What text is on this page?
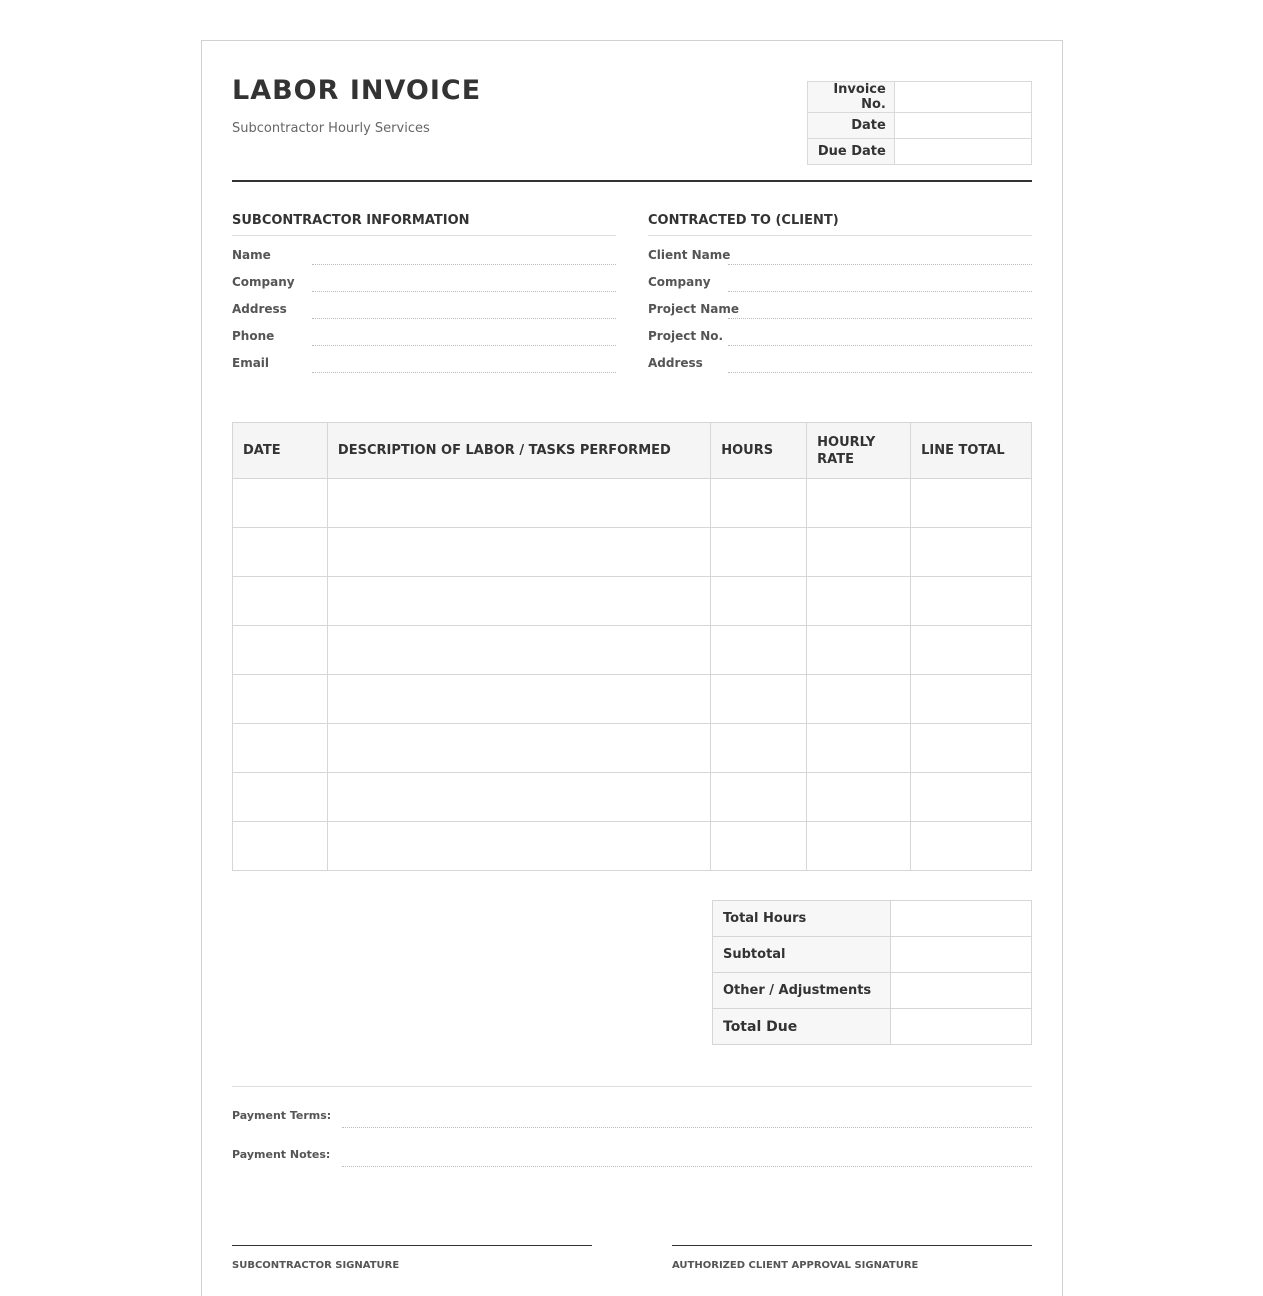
LABOR INVOICE
Subcontractor Hourly Services
Invoice No.	
Date	
Due Date	
SUBCONTRACTOR INFORMATION
Name
Company
Address
Phone
Email
CONTRACTED TO (CLIENT)
Client Name
Company
Project Name
Project No.
Address
DATE	DESCRIPTION OF LABOR / TASKS PERFORMED	HOURS	HOURLY RATE	LINE TOTAL

Total Hours	
Subtotal	
Other / Adjustments	
Total Due	
Payment Terms:
Payment Notes:
SUBCONTRACTOR SIGNATURE	AUTHORIZED CLIENT APPROVAL SIGNATURE
